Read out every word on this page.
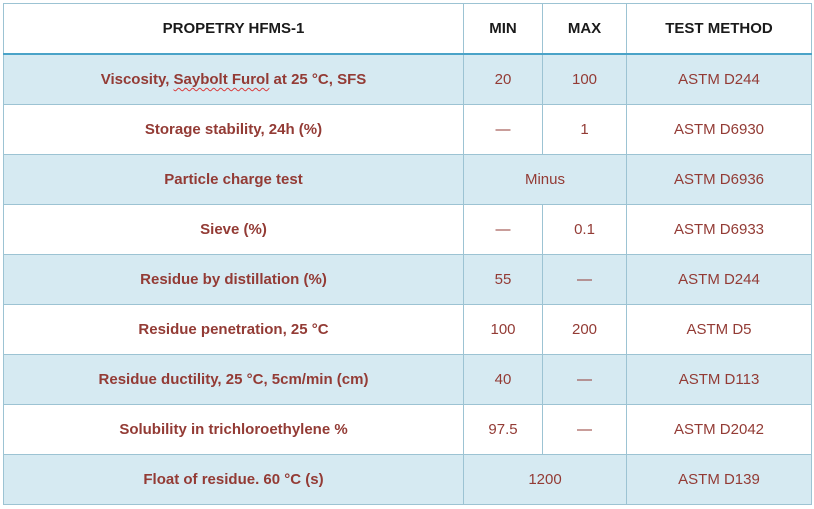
PROPETRY HFMS-1	MIN	MAX	TEST METHOD
Viscosity, Saybolt Furol at 25 °C, SFS	20	100	ASTM D244
Storage stability, 24h (%)	—	1	ASTM D6930
Particle charge test	Minus		ASTM D6936
Sieve (%)	—	0.1	ASTM D6933
Residue by distillation (%)	55	—	ASTM D244
Residue penetration, 25 °C	100	200	ASTM D5
Residue ductility, 25 °C, 5cm/min (cm)	40	—	ASTM D113
Solubility in trichloroethylene %	97.5	—	ASTM D2042
Float of residue. 60 °C (s)	1200		ASTM D139
